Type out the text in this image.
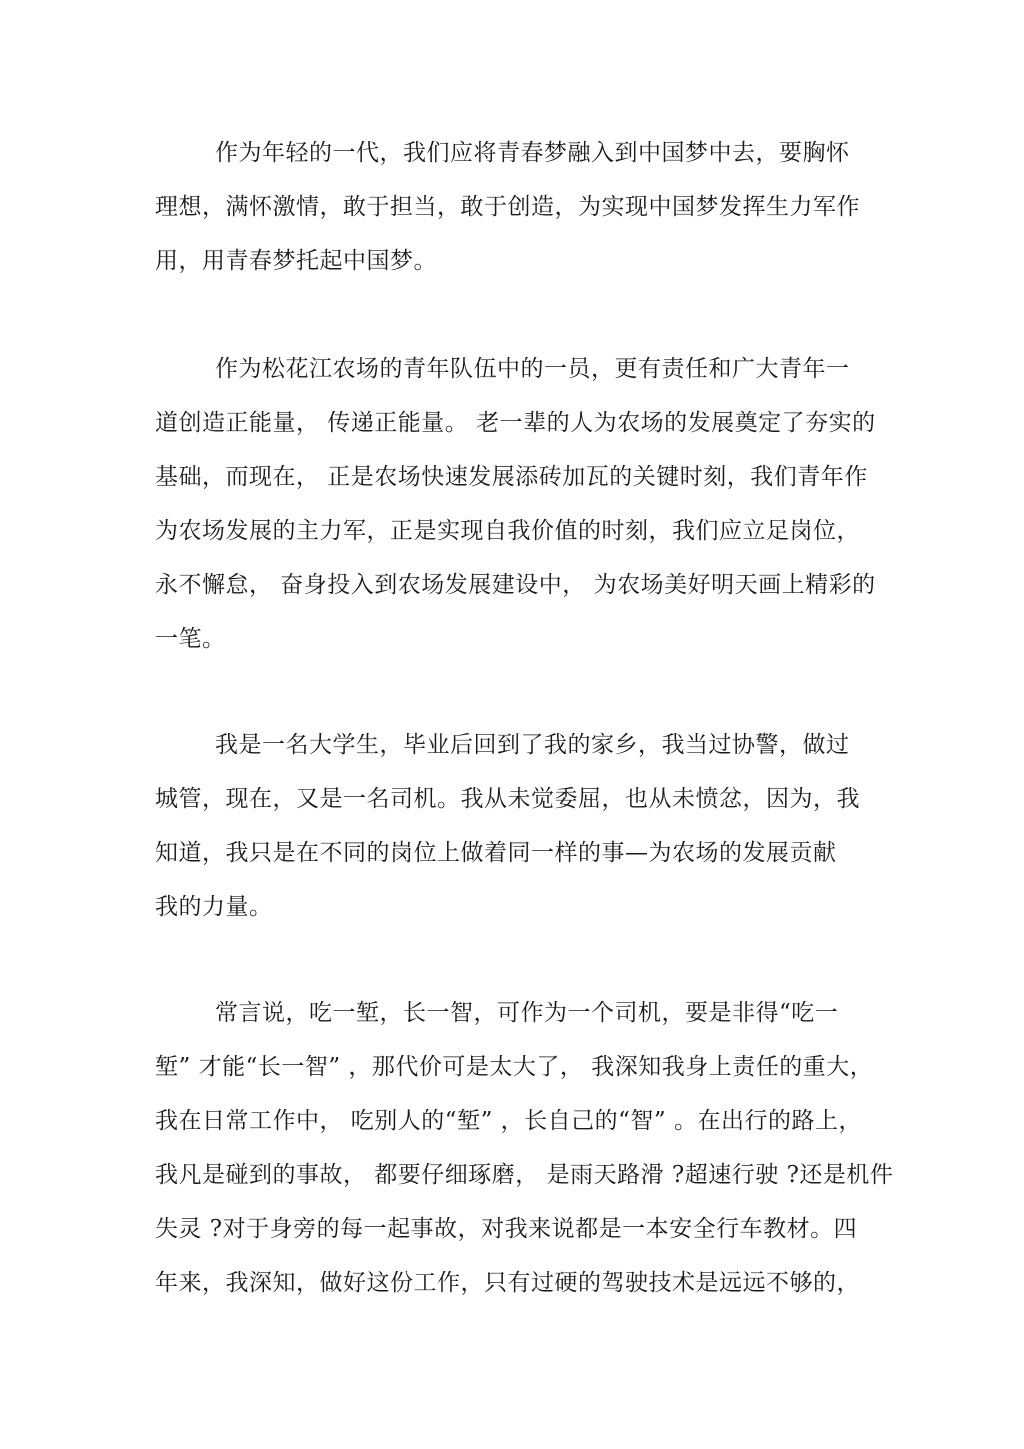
作为年轻的一代，我们应将青春梦融入到中国梦中去，要胸怀
理想，满怀激情，敢于担当，敢于创造，为实现中国梦发挥生力军作
用，用青春梦托起中国梦。
作为松花江农场的青年队伍中的一员，更有责任和广大青年一
道创造正能量， 传递正能量。 老一辈的人为农场的发展奠定了夯实的
基础，而现在， 正是农场快速发展添砖加瓦的关键时刻，我们青年作
为农场发展的主力军，正是实现自我价值的时刻，我们应立足岗位，
永不懈怠， 奋身投入到农场发展建设中， 为农场美好明天画上精彩的
一笔。
我是一名大学生，毕业后回到了我的家乡，我当过协警，做过
城管，现在，又是一名司机。我从未觉委屈，也从未愤忿，因为，我
知道，我只是在不同的岗位上做着同一样的事—为农场的发展贡献
我的力量。
常言说，吃一堑，长一智，可作为一个司机，要是非得“吃一
堑” 才能“长一智” ，那代价可是太大了， 我深知我身上责任的重大，
我在日常工作中， 吃别人的“堑” ，长自己的“智” 。在出行的路上，
我凡是碰到的事故， 都要仔细琢磨， 是雨天路滑 ?超速行驶 ?还是机件
失灵 ?对于身旁的每一起事故，对我来说都是一本安全行车教材。四
年来，我深知，做好这份工作，只有过硬的驾驶技术是远远不够的，
